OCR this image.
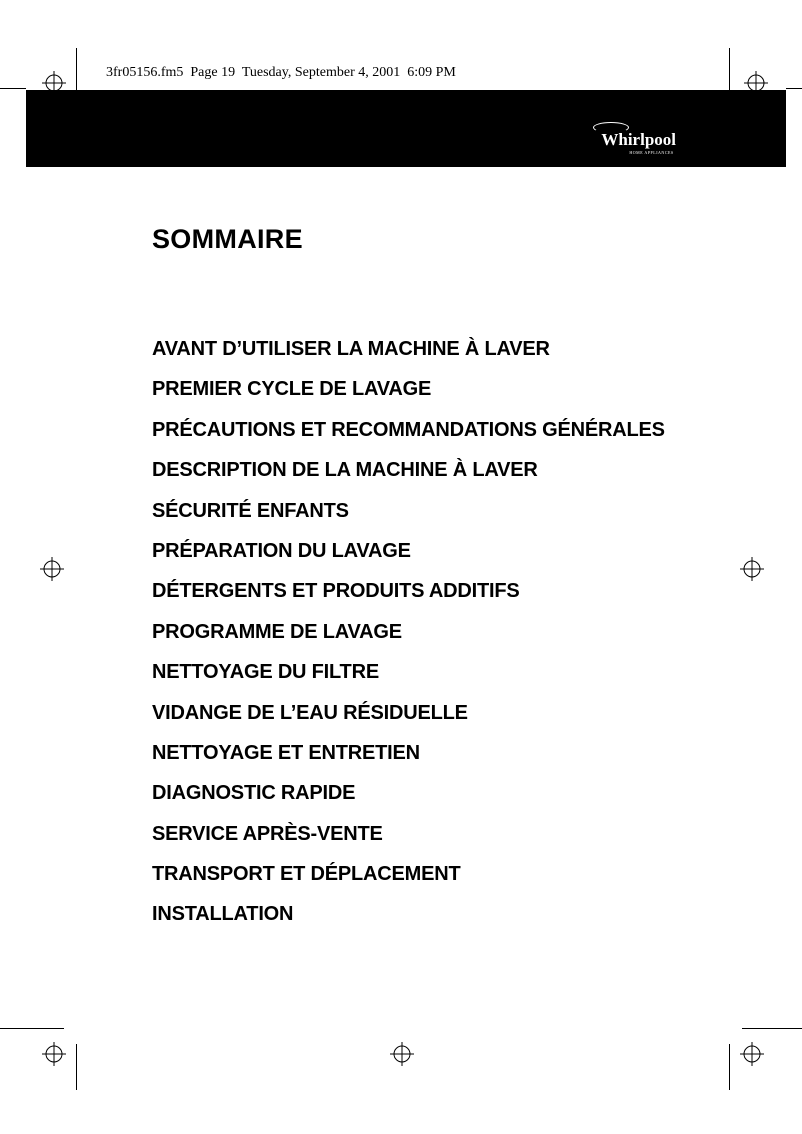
3fr05156.fm5  Page 19  Tuesday, September 4, 2001  6:09 PM
Whirlpool
HOME APPLIANCES
SOMMAIRE
AVANT D’UTILISER LA MACHINE À LAVER
PREMIER CYCLE DE LAVAGE
PRÉCAUTIONS ET RECOMMANDATIONS GÉNÉRALES
DESCRIPTION DE LA MACHINE À LAVER
SÉCURITÉ ENFANTS
PRÉPARATION DU LAVAGE
DÉTERGENTS ET PRODUITS ADDITIFS
PROGRAMME DE LAVAGE
NETTOYAGE DU FILTRE
VIDANGE DE L’EAU RÉSIDUELLE
NETTOYAGE ET ENTRETIEN
DIAGNOSTIC RAPIDE
SERVICE APRÈS-VENTE
TRANSPORT ET DÉPLACEMENT
INSTALLATION
